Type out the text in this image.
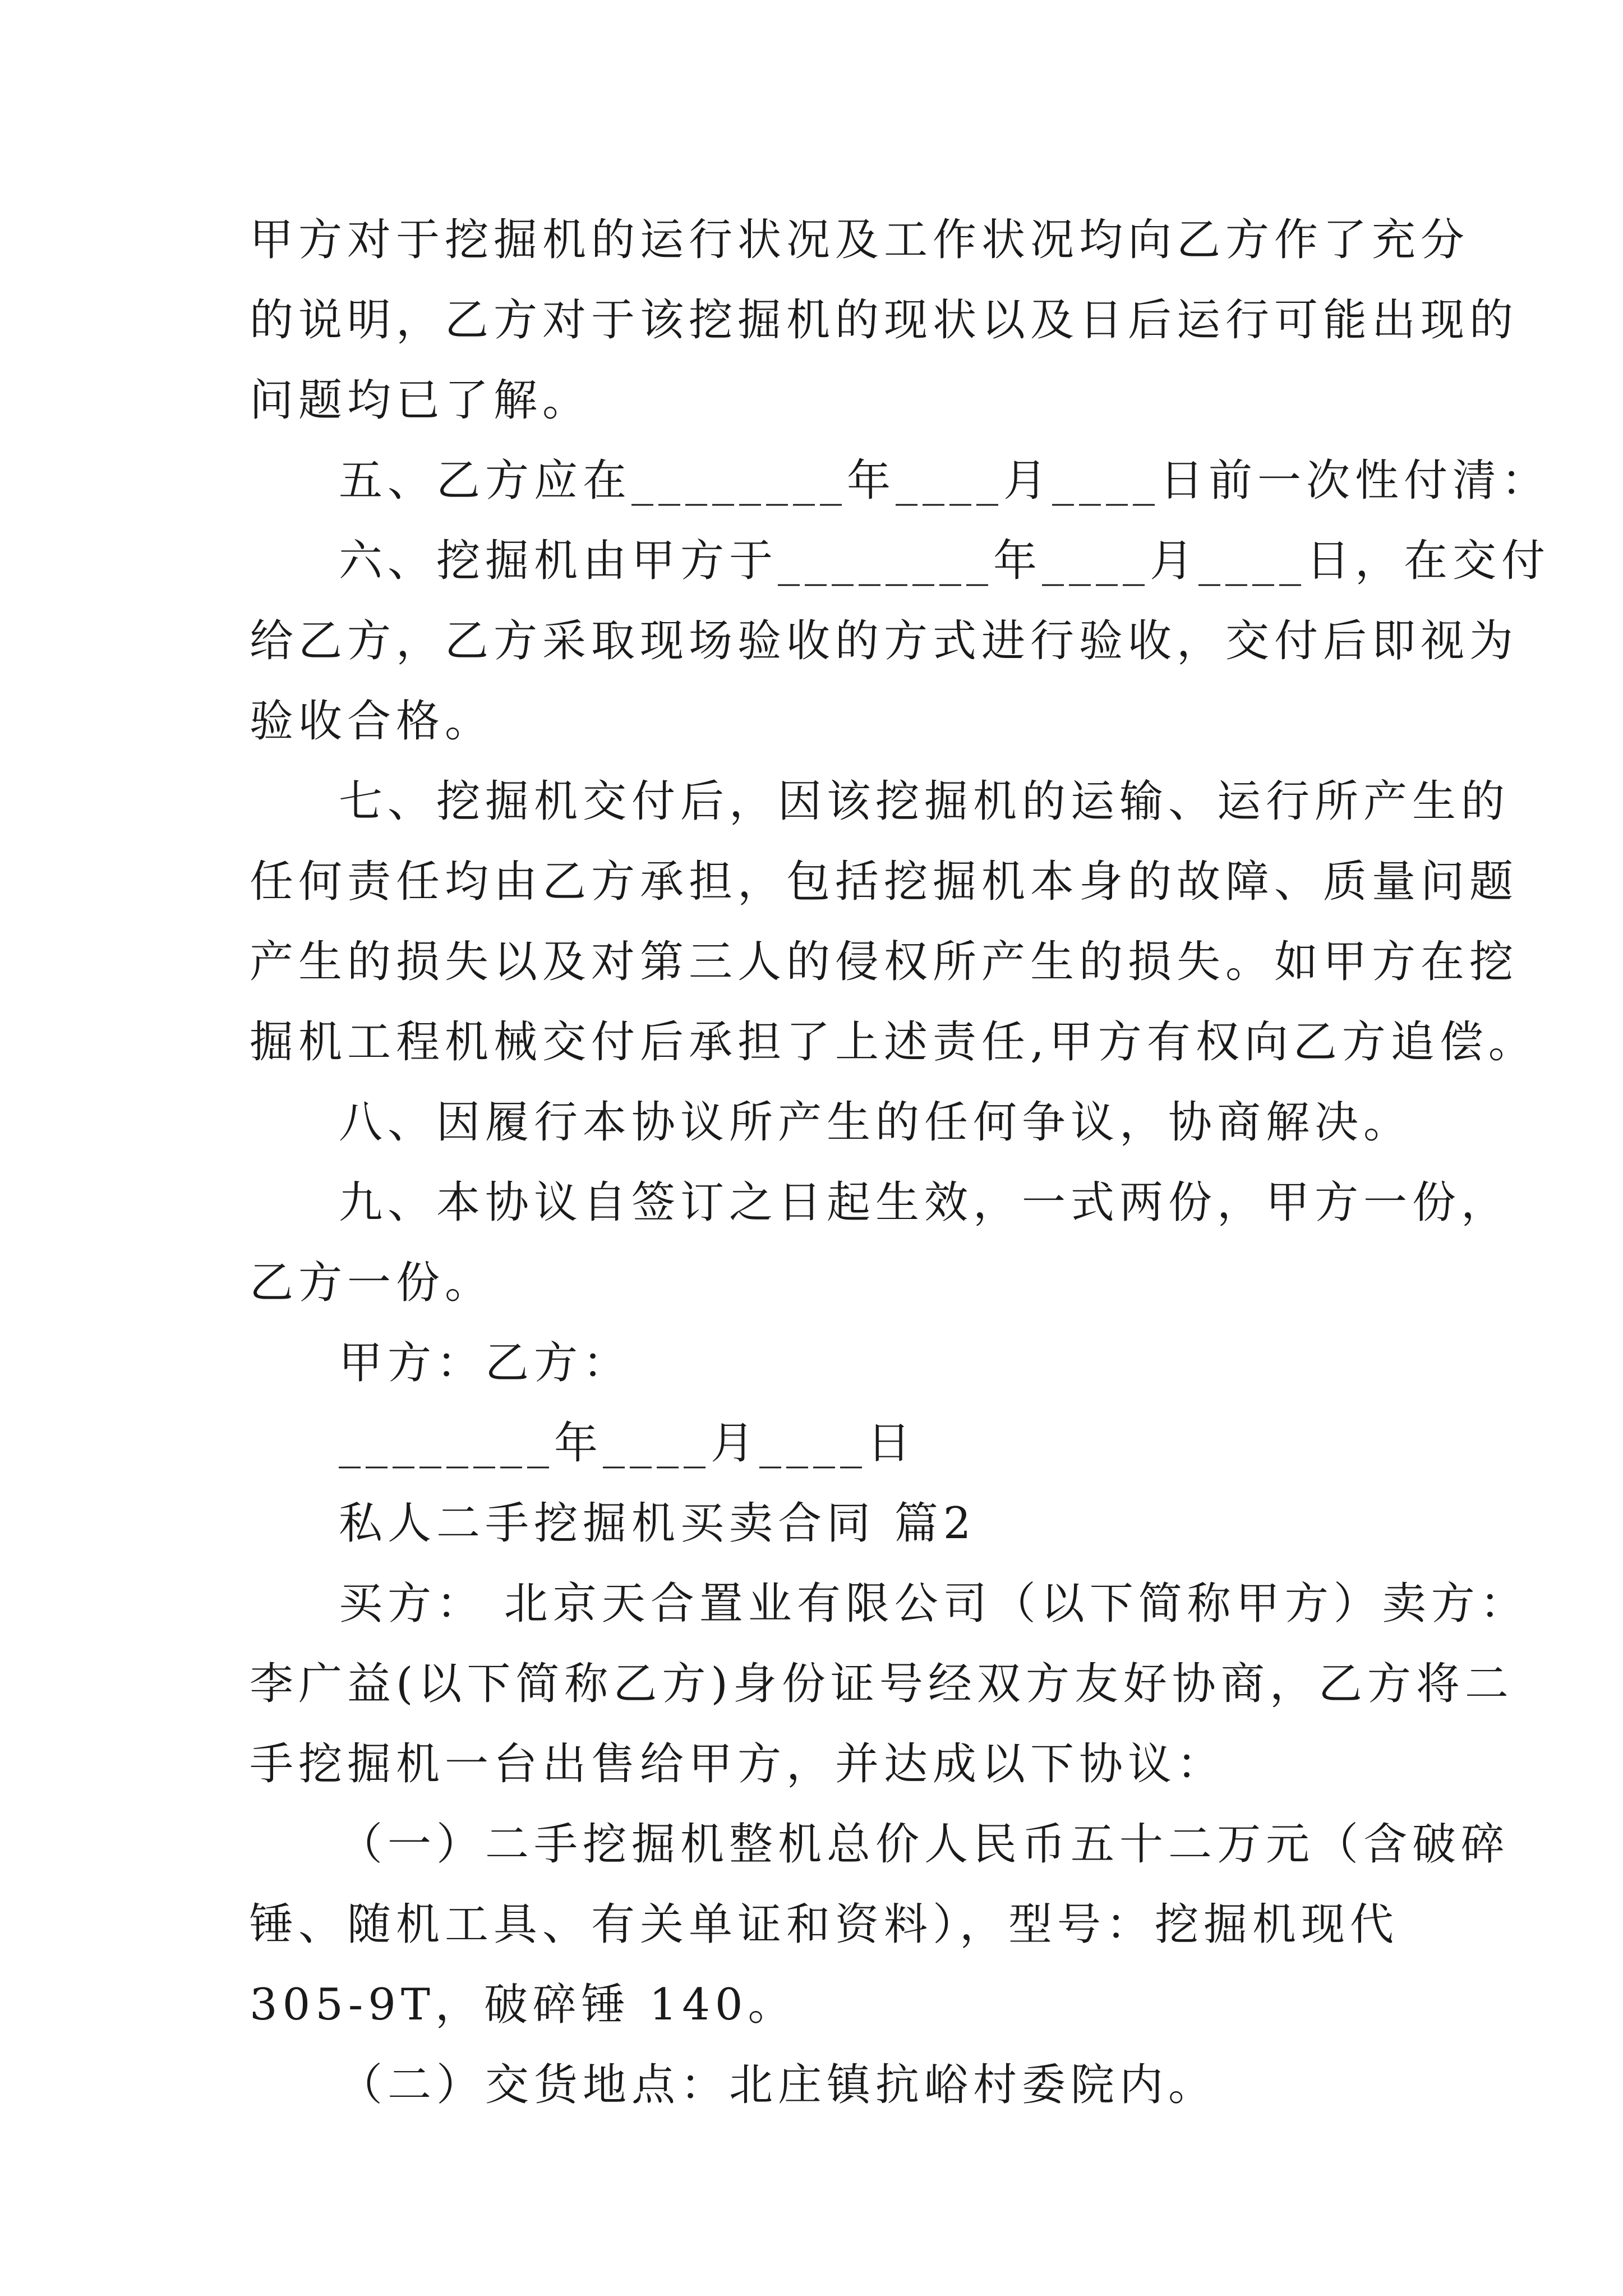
甲方对于挖掘机的运行状况及工作状况均向乙方作了充分
的说明，乙方对于该挖掘机的现状以及日后运行可能出现的
问题均已了解。
五、乙方应在________年____月____日前一次性付清：
六、挖掘机由甲方于________年____月____日，在交付
给乙方，乙方采取现场验收的方式进行验收，交付后即视为
验收合格。
七、挖掘机交付后，因该挖掘机的运输、运行所产生的
任何责任均由乙方承担，包括挖掘机本身的故障、质量问题
产生的损失以及对第三人的侵权所产生的损失。如甲方在挖
掘机工程机械交付后承担了上述责任,甲方有权向乙方追偿。
八、因履行本协议所产生的任何争议，协商解决。
九、本协议自签订之日起生效，一式两份，甲方一份，
乙方一份。
甲方：乙方：
________年____月____日
私人二手挖掘机买卖合同 篇2
买方： 北京天合置业有限公司（以下简称甲方）卖方：
李广益(以下简称乙方)身份证号经双方友好协商，乙方将二
手挖掘机一台出售给甲方，并达成以下协议：
（一）二手挖掘机整机总价人民币五十二万元（含破碎
锤、随机工具、有关单证和资料），型号：挖掘机现代
305-9T，破碎锤 140。
（二）交货地点：北庄镇抗峪村委院内。
